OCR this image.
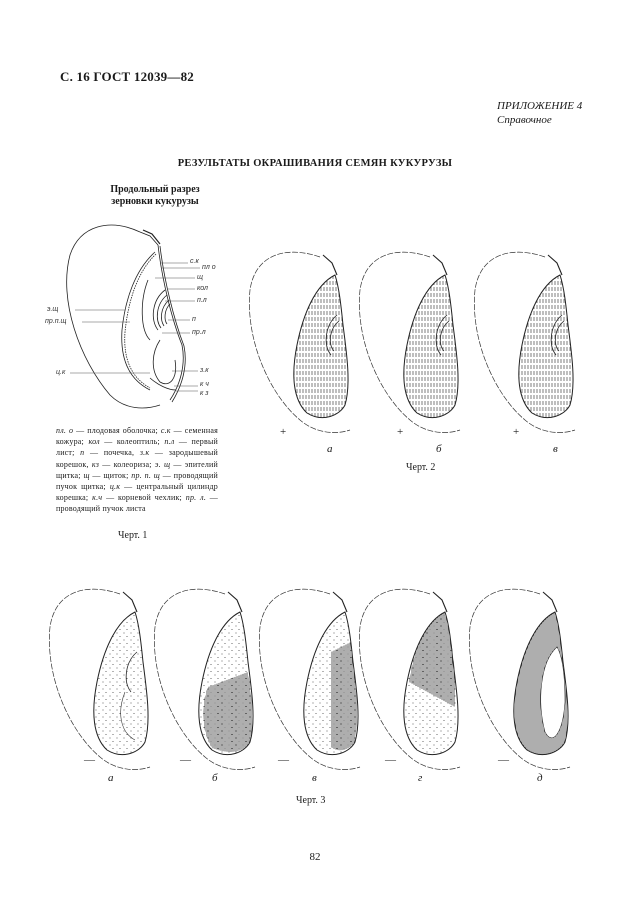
С. 16 ГОСТ 12039—82
ПРИЛОЖЕНИЕ 4
Справочное
РЕЗУЛЬТАТЫ ОКРАШИВАНИЯ СЕМЯН КУКУРУЗЫ
Продольный разрез
зерновки кукурузы
с.к
пл о
щ
кол
п.л
п
пр.л
з.к
к ч
к з
э.щ
пр.п.щ
ц.к
пл. о — плодовая оболочка; с.к — семенная кожура; кол — колеоптиль; п.л — первый лист; п — почечка, з.к — зародышевый корешок, кз — колеориза; э. щ — эпителий щитка; щ — щиток; пр. п. щ — проводящий пучок щитка; ц.к — центральный цилиндр корешка; к.ч — корневой чехлик; пр. л. — проводящий пучок листа
Черт. 1
+	+	+
а	б	в
Черт. 2
—	—	—	—	—
а	б	в	г	д
Черт. 3
82
